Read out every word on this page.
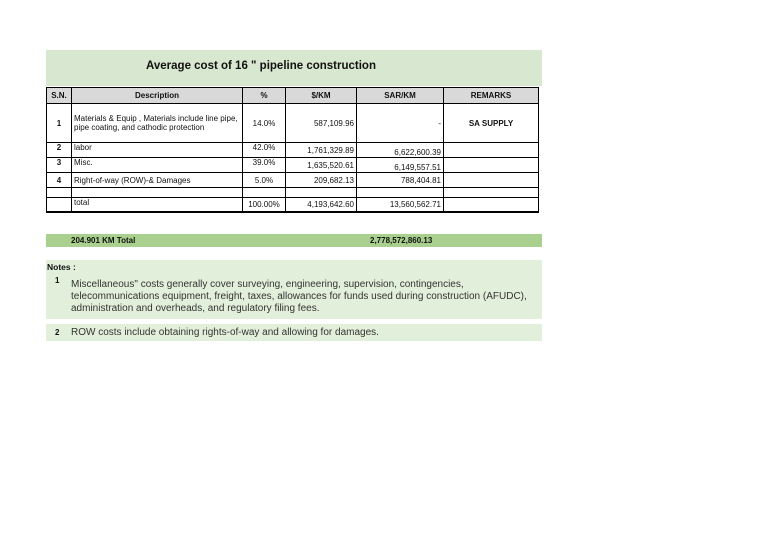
Average cost of 16 " pipeline construction
S.N.	Description	%	$/KM	SAR/KM	REMARKS
1	Materials & Equip , Materials include line pipe, pipe coating, and cathodic protection	14.0%	587,109.96	-	SA SUPPLY
2	labor	42.0%	1,761,329.89	6,622,600.39	
3	Misc.	39.0%	1,635,520.61	6,149,557.51	
4	Right-of-way (ROW)-& Damages	5.0%	209,682.13	788,404.81	

	total	100.00%	4,193,642.60	13,560,562.71	
204.901 KM Total	2,778,572,860.13
Notes :
1 Miscellaneous" costs generally cover surveying, engineering, supervision, contingencies, telecommunications equipment, freight, taxes, allowances for funds used during construction (AFUDC), administration and overheads, and regulatory filing fees.
2 ROW costs include obtaining rights-of-way and allowing for damages.
